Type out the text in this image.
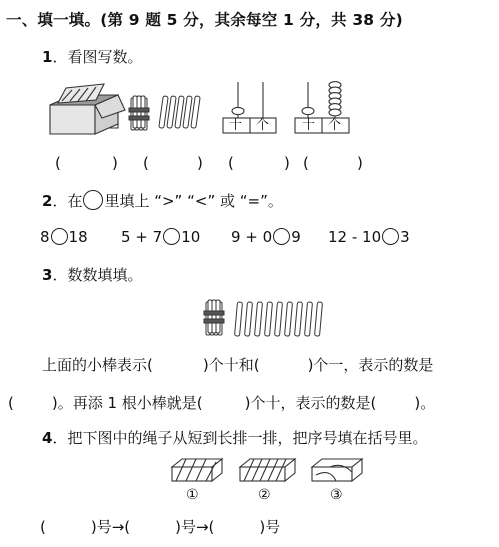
一、填一填。(第 9 题 5 分，其余每空 1 分，共 38 分)
1．看图写数。
十 个	十 个
(	) (	) (	) (	)
2．在 里填上 “>” “<” 或 “=”。
8 18 5 + 7 10 9 + 0 9 12 - 10 3
3．数数填填。
上面的小棒表示(	)个十和(	)个一，表示的数是
(	)。再添 1 根小棒就是(	)个十，表示的数是(	)。
4．把下图中的绳子从短到长排一排，把序号填在括号里。
①	②	③
(	)号→(	)号→(	)号
